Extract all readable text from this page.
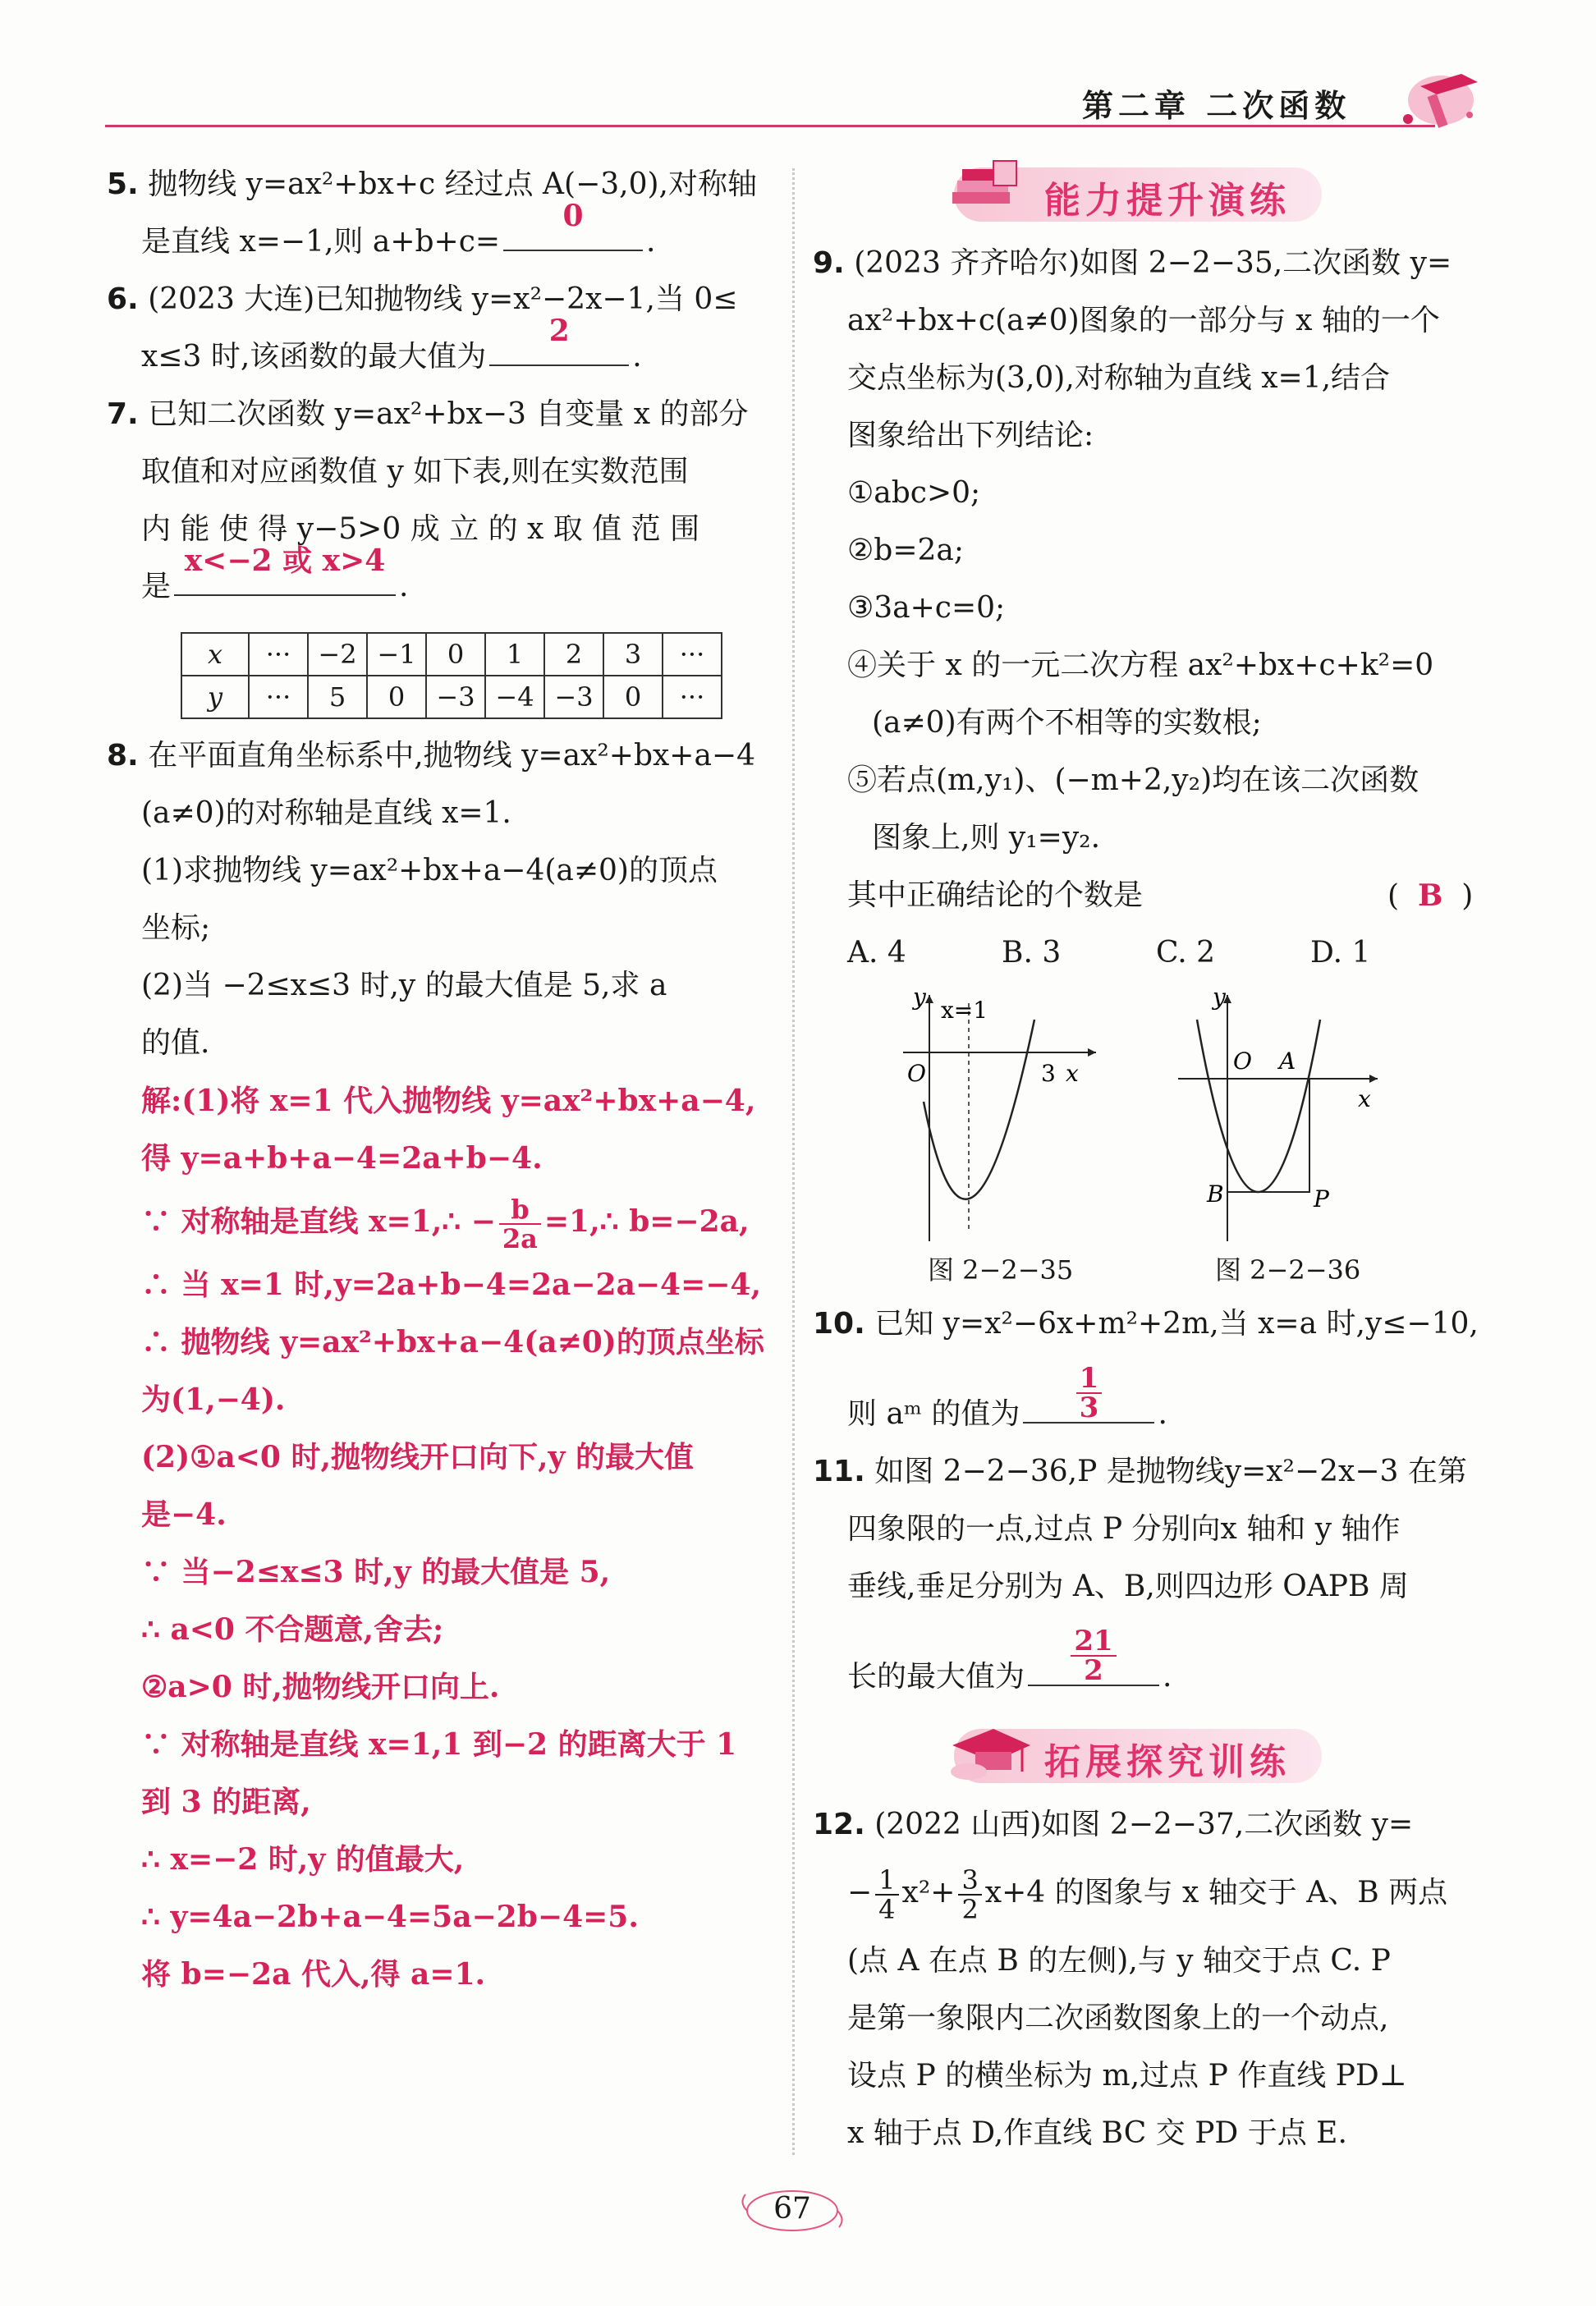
第二章 二次函数
5. 抛物线 y=ax²+bx+c 经过点 A(−3,0),对称轴
是直线 x=−1,则 a+b+c=
0
.
6. (2023 大连)已知抛物线 y=x²−2x−1,当 0≤
x≤3 时,该函数的最大值为
2
.
7. 已知二次函数 y=ax²+bx−3 自变量 x 的部分
取值和对应函数值 y 如下表,则在实数范围
内 能 使 得 y−5>0 成 立 的 x 取 值 范 围
是
x<−2 或 x>4
.
x	···	−2	−1	0	1	2	3	···
y	···	5	0	−3	−4	−3	0	···
8. 在平面直角坐标系中,抛物线 y=ax²+bx+a−4
(a≠0)的对称轴是直线 x=1.
(1)求抛物线 y=ax²+bx+a−4(a≠0)的顶点
坐标;
(2)当 −2≤x≤3 时,y 的最大值是 5,求 a
的值.
解:(1)将 x=1 代入抛物线 y=ax²+bx+a−4,
得 y=a+b+a−4=2a+b−4.
∵ 对称轴是直线 x=1,∴ − $\frac{b}{2a}$ =1,∴ b=−2a,
∴ 当 x=1 时,y=2a+b−4=2a−2a−4=−4,
∴ 抛物线 y=ax²+bx+a−4(a≠0)的顶点坐标
为(1,−4).
(2)①a<0 时,抛物线开口向下,y 的最大值
是−4.
∵ 当−2≤x≤3 时,y 的最大值是 5,
∴ a<0 不合题意,舍去;
②a>0 时,抛物线开口向上.
∵ 对称轴是直线 x=1,1 到−2 的距离大于 1
到 3 的距离,
∴ x=−2 时,y 的值最大,
∴ y=4a−2b+a−4=5a−2b−4=5.
将 b=−2a 代入,得 a=1.
能力提升演练
9. (2023 齐齐哈尔)如图 2−2−35,二次函数 y=
ax²+bx+c(a≠0)图象的一部分与 x 轴的一个
交点坐标为(3,0),对称轴为直线 x=1,结合
图象给出下列结论:
①abc>0;
②b=2a;
③3a+c=0;
④关于 x 的一元二次方程 ax²+bx+c+k²=0
(a≠0)有两个不相等的实数根;
⑤若点(m,y₁)、(−m+2,y₂)均在该二次函数
图象上,则 y₁=y₂.
其中正确结论的个数是	( B )
A. 4	B. 3	C. 2	D. 1
y x=1
O	3 x
图 2−2−35
y
O A
x
B	P
图 2−2−36
10. 已知 y=x²−6x+m²+2m,当 x=a 时,y≤−10,
则 aᵐ 的值为 $\frac{1}{3}$ .
11. 如图 2−2−36,P 是抛物线y=x²−2x−3 在第
四象限的一点,过点 P 分别向x 轴和 y 轴作
垂线,垂足分别为 A、B,则四边形 OAPB 周
长的最大值为 $\frac{21}{2}$ .
拓展探究训练
12. (2022 山西)如图 2−2−37,二次函数 y=
− $\frac{1}{4} x^2+ \frac{3}{2} x+4$ 的图象与 x 轴交于 A、B 两点
(点 A 在点 B 的左侧),与 y 轴交于点 C. P
是第一象限内二次函数图象上的一个动点,
设点 P 的横坐标为 m,过点 P 作直线 PD⊥
x 轴于点 D,作直线 BC 交 PD 于点 E.
67
